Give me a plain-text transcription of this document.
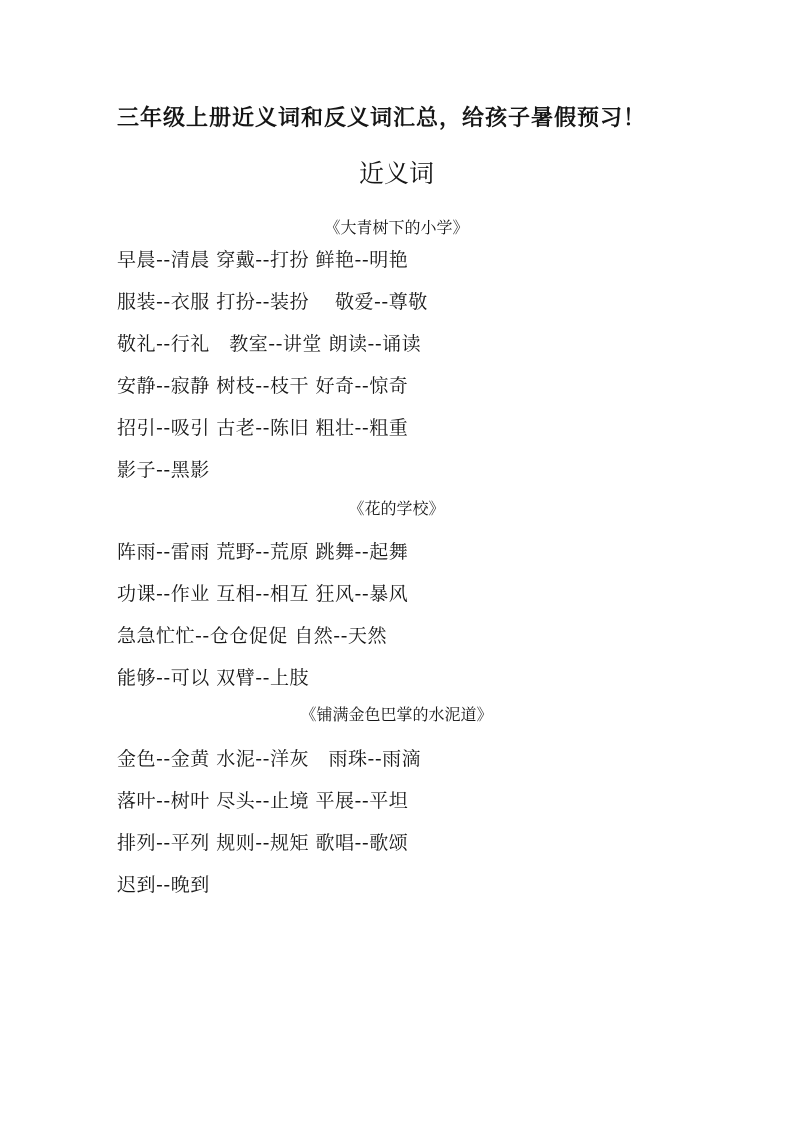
三年级上册近义词和反义词汇总，给孩子暑假预习！
近义词
《大青树下的小学》
早晨--清晨 穿戴--打扮 鲜艳--明艳
服装--衣服 打扮--装扮　 敬爱--尊敬
敬礼--行礼　教室--讲堂 朗读--诵读
安静--寂静 树枝--枝干 好奇--惊奇
招引--吸引 古老--陈旧 粗壮--粗重
影子--黑影
《花的学校》
阵雨--雷雨 荒野--荒原 跳舞--起舞
功课--作业 互相--相互 狂风--暴风
急急忙忙--仓仓促促 自然--天然
能够--可以 双臂--上肢
《铺满金色巴掌的水泥道》
金色--金黄 水泥--洋灰　雨珠--雨滴
落叶--树叶 尽头--止境 平展--平坦
排列--平列 规则--规矩 歌唱--歌颂
迟到--晚到
